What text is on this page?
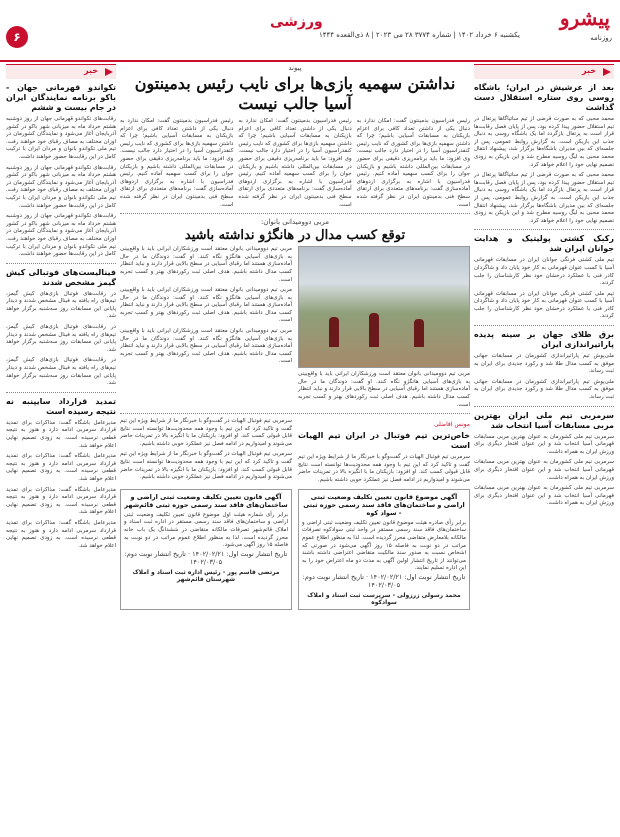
۶
ورزشی	پیشرو
روزنامه
یکشنبه ۶ خرداد ۱۴۰۲ | شماره ۳۷۷۴ ۲۸ می ۲۰۲۳ | ۸ ذی‌القعده ۱۴۴۴
خبر
بعد از عرشیش در ایران؛ باشگاه روسی روی ستاره استقلال دست گذاشت

محمد محبی که به صورت قرضی از تیم ساتیاگاها پرتغال در تیم استقلال حضور پیدا کرده بود، پس از پایان فصل رقابت‌ها قرار است به پرتغال بازگردد اما یک باشگاه روسی به دنبال جذب این بازیکن است. به گزارش روابط عمومی، پس از جلسه‌ای که بین مدیران باشگاه‌ها برگزار شد، پیشنهاد انتقال محمد محبی به لیگ روسیه مطرح شد و این بازیکن به زودی تصمیم نهایی خود را اعلام خواهد کرد.

محمد محبی که به صورت قرضی از تیم ساتیاگاها پرتغال در تیم استقلال حضور پیدا کرده بود، پس از پایان فصل رقابت‌ها قرار است به پرتغال بازگردد اما یک باشگاه روسی به دنبال جذب این بازیکن است. به گزارش روابط عمومی، پس از جلسه‌ای که بین مدیران باشگاه‌ها برگزار شد، پیشنهاد انتقال محمد محبی به لیگ روسیه مطرح شد و این بازیکن به زودی تصمیم نهایی خود را اعلام خواهد کرد.

رکبک کشتی پولیتیک و هدایت جوانان ایران شد

تیم ملی کشتی فرنگی جوانان ایران در مسابقات قهرمانی آسیا با کسب عنوان قهرمانی به کار خود پایان داد و شاگردان کادر فنی با عملکرد درخشان خود نظر کارشناسان را جلب کردند.

تیم ملی کشتی فرنگی جوانان ایران در مسابقات قهرمانی آسیا با کسب عنوان قهرمانی به کار خود پایان داد و شاگردان کادر فنی با عملکرد درخشان خود نظر کارشناسان را جلب کردند.

برق ظلای جهان بر سینه پدیده پاراتیراندازی ایران

ملی‌پوش تیم پاراتیراندازی کشورمان در مسابقات جهانی موفق به کسب مدال طلا شد و رکورد جدیدی برای ایران به ثبت رساند.

ملی‌پوش تیم پاراتیراندازی کشورمان در مسابقات جهانی موفق به کسب مدال طلا شد و رکورد جدیدی برای ایران به ثبت رساند.

سرمربی تیم ملی ایران بهترین مربی مسابقات آسیا انتخاب شد

سرمربی تیم ملی کشورمان به عنوان بهترین مربی مسابقات قهرمانی آسیا انتخاب شد و این عنوان افتخار دیگری برای ورزش ایران به همراه داشت.

سرمربی تیم ملی کشورمان به عنوان بهترین مربی مسابقات قهرمانی آسیا انتخاب شد و این عنوان افتخار دیگری برای ورزش ایران به همراه داشت.

سرمربی تیم ملی کشورمان به عنوان بهترین مربی مسابقات قهرمانی آسیا انتخاب شد و این عنوان افتخار دیگری برای ورزش ایران به همراه داشت.

خبر
تکواندو قهرمانی جهان - باکو برنامه نمایندگان ایران در جام بیست و ششم

رقابت‌های تکواندو قهرمانی جهان از روز دوشنبه هشتم خرداد ماه به میزبانی شهر باکو در کشور آذربایجان آغاز می‌شود و نمایندگان کشورمان در اوزان مختلف به مصاف رقبای خود خواهند رفت. تیم ملی تکواندو بانوان و مردان ایران با ترکیب کامل در این رقابت‌ها حضور خواهند داشت.

رقابت‌های تکواندو قهرمانی جهان از روز دوشنبه هشتم خرداد ماه به میزبانی شهر باکو در کشور آذربایجان آغاز می‌شود و نمایندگان کشورمان در اوزان مختلف به مصاف رقبای خود خواهند رفت. تیم ملی تکواندو بانوان و مردان ایران با ترکیب کامل در این رقابت‌ها حضور خواهند داشت.

رقابت‌های تکواندو قهرمانی جهان از روز دوشنبه هشتم خرداد ماه به میزبانی شهر باکو در کشور آذربایجان آغاز می‌شود و نمایندگان کشورمان در اوزان مختلف به مصاف رقبای خود خواهند رفت. تیم ملی تکواندو بانوان و مردان ایران با ترکیب کامل در این رقابت‌ها حضور خواهند داشت.

فینالیست‌های فوتبالی کیش گیمز مشخص شدند

در رقابت‌های فوتبال بازی‌های کیش گیمز، تیم‌های راه یافته به فینال مشخص شدند و دیدار پایانی این مسابقات روز سه‌شنبه برگزار خواهد شد.

در رقابت‌های فوتبال بازی‌های کیش گیمز، تیم‌های راه یافته به فینال مشخص شدند و دیدار پایانی این مسابقات روز سه‌شنبه برگزار خواهد شد.

در رقابت‌های فوتبال بازی‌های کیش گیمز، تیم‌های راه یافته به فینال مشخص شدند و دیدار پایانی این مسابقات روز سه‌شنبه برگزار خواهد شد.

تمدید قرارداد سایپنبه نه نتیجه رسیده است

مدیرعامل باشگاه گفت: مذاکرات برای تمدید قرارداد سرمربی ادامه دارد و هنوز به نتیجه قطعی نرسیده است. به زودی تصمیم نهایی اعلام خواهد شد.

مدیرعامل باشگاه گفت: مذاکرات برای تمدید قرارداد سرمربی ادامه دارد و هنوز به نتیجه قطعی نرسیده است. به زودی تصمیم نهایی اعلام خواهد شد.

مدیرعامل باشگاه گفت: مذاکرات برای تمدید قرارداد سرمربی ادامه دارد و هنوز به نتیجه قطعی نرسیده است. به زودی تصمیم نهایی اعلام خواهد شد.

مدیرعامل باشگاه گفت: مذاکرات برای تمدید قرارداد سرمربی ادامه دارد و هنوز به نتیجه قطعی نرسیده است. به زودی تصمیم نهایی اعلام خواهد شد.

پیوند
نداشتن سهمیه بازی‌ها برای نایب رئیس بدمینتون آسیا جالب نیست
رئیس فدراسیون بدمینتون گفت: امکان ندارد به دنبال یکی از داشتن تعداد کافی برای اعزام بازیکنان به مسابقات آسیایی باشیم؛ چرا که داشتن سهمیه بازی‌ها برای کشوری که نایب رئیس کنفدراسیون آسیا را در اختیار دارد جالب نیست. وی افزود: ما باید برنامه‌ریزی دقیقی برای حضور در مسابقات بین‌المللی داشته باشیم و بازیکنان جوان را برای کسب سهمیه آماده کنیم. رئیس فدراسیون با اشاره به برگزاری اردوهای آماده‌سازی گفت: برنامه‌های متعددی برای ارتقای سطح فنی بدمینتون ایران در نظر گرفته شده است.
رئیس فدراسیون بدمینتون گفت: امکان ندارد به دنبال یکی از داشتن تعداد کافی برای اعزام بازیکنان به مسابقات آسیایی باشیم؛ چرا که داشتن سهمیه بازی‌ها برای کشوری که نایب رئیس کنفدراسیون آسیا را در اختیار دارد جالب نیست. وی افزود: ما باید برنامه‌ریزی دقیقی برای حضور در مسابقات بین‌المللی داشته باشیم و بازیکنان جوان را برای کسب سهمیه آماده کنیم. رئیس فدراسیون با اشاره به برگزاری اردوهای آماده‌سازی گفت: برنامه‌های متعددی برای ارتقای سطح فنی بدمینتون ایران در نظر گرفته شده است.
رئیس فدراسیون بدمینتون گفت: امکان ندارد به دنبال یکی از داشتن تعداد کافی برای اعزام بازیکنان به مسابقات آسیایی باشیم؛ چرا که داشتن سهمیه بازی‌ها برای کشوری که نایب رئیس کنفدراسیون آسیا را در اختیار دارد جالب نیست. وی افزود: ما باید برنامه‌ریزی دقیقی برای حضور در مسابقات بین‌المللی داشته باشیم و بازیکنان جوان را برای کسب سهمیه آماده کنیم. رئیس فدراسیون با اشاره به برگزاری اردوهای آماده‌سازی گفت: برنامه‌های متعددی برای ارتقای سطح فنی بدمینتون ایران در نظر گرفته شده است.
مربی دوومیدانی بانوان:
توقع کسب مدال در هانگژو نداشته باشید
مربی تیم دوومیدانی بانوان معتقد است ورزشکاران ایرانی باید با واقع‌بینی به بازی‌های آسیایی هانگژو نگاه کنند. او گفت: دوندگان ما در حال آماده‌سازی هستند اما رقبای آسیایی در سطح بالایی قرار دارند و نباید انتظار کسب مدال داشته باشیم. هدف اصلی ثبت رکوردهای بهتر و کسب تجربه است.

مربی تیم دوومیدانی بانوان معتقد است ورزشکاران ایرانی باید با واقع‌بینی به بازی‌های آسیایی هانگژو نگاه کنند. او گفت: دوندگان ما در حال آماده‌سازی هستند اما رقبای آسیایی در سطح بالایی قرار دارند و نباید انتظار کسب مدال داشته باشیم. هدف اصلی ثبت رکوردهای بهتر و کسب تجربه است.

مربی تیم دوومیدانی بانوان معتقد است ورزشکاران ایرانی باید با واقع‌بینی به بازی‌های آسیایی هانگژو نگاه کنند. او گفت: دوندگان ما در حال آماده‌سازی هستند اما رقبای آسیایی در سطح بالایی قرار دارند و نباید انتظار کسب مدال داشته باشیم. هدف اصلی ثبت رکوردهای بهتر و کسب تجربه است.

مربی تیم دوومیدانی بانوان معتقد است ورزشکاران ایرانی باید با واقع‌بینی به بازی‌های آسیایی هانگژو نگاه کنند. او گفت: دوندگان ما در حال آماده‌سازی هستند اما رقبای آسیایی در سطح بالایی قرار دارند و نباید انتظار کسب مدال داشته باشیم. هدف اصلی ثبت رکوردهای بهتر و کسب تجربه است.

مونس افاضلی
خاص‌ترین تیم فوتبال در ایران تیم الهیات است
سرمربی تیم فوتبال الهیات در گفت‌وگو با خبرنگار ما از شرایط ویژه این تیم گفت و تاکید کرد که این تیم با وجود همه محدودیت‌ها توانسته است نتایج قابل قبولی کسب کند. او افزود: بازیکنان ما با انگیزه بالا در تمرینات حاضر می‌شوند و امیدواریم در ادامه فصل نیز عملکرد خوبی داشته باشیم.

سرمربی تیم فوتبال الهیات در گفت‌وگو با خبرنگار ما از شرایط ویژه این تیم گفت و تاکید کرد که این تیم با وجود همه محدودیت‌ها توانسته است نتایج قابل قبولی کسب کند. او افزود: بازیکنان ما با انگیزه بالا در تمرینات حاضر می‌شوند و امیدواریم در ادامه فصل نیز عملکرد خوبی داشته باشیم.

سرمربی تیم فوتبال الهیات در گفت‌وگو با خبرنگار ما از شرایط ویژه این تیم گفت و تاکید کرد که این تیم با وجود همه محدودیت‌ها توانسته است نتایج قابل قبولی کسب کند. او افزود: بازیکنان ما با انگیزه بالا در تمرینات حاضر می‌شوند و امیدواریم در ادامه فصل نیز عملکرد خوبی داشته باشیم.

آگهی موضوع قانون تعیین تکلیف وضعیت ثبتی اراضی و ساختمان‌های فاقد سند رسمی حوزه ثبتی - سواد کوه
برابر رأی صادره هیئت موضوع قانون تعیین تکلیف وضعیت ثبتی اراضی و ساختمان‌های فاقد سند رسمی مستقر در واحد ثبتی سوادکوه تصرفات مالکانه بلامعارض متقاضی محرز گردیده است. لذا به منظور اطلاع عموم مراتب در دو نوبت به فاصله ۱۵ روز آگهی می‌شود در صورتی که اشخاص نسبت به صدور سند مالکیت متقاضی اعتراضی داشته باشند می‌توانند از تاریخ انتشار اولین آگهی به مدت دو ماه اعتراض خود را به این اداره تسلیم نمایند.
تاریخ انتشار نوبت اول: ۱۴۰۲/۰۲/۲۱ · تاریخ انتشار نوبت دوم: ۱۴۰۲/۰۳/۰۵
محمد رسولی زرزولی - سرپرست ثبت اسناد و املاک سوادکوه
آگهی قانون تعیین تکلیف وضعیت ثبتی اراضی و ساختمان‌های فاقد سند رسمی حوزه ثبتی قائم‌شهر
برابر رأی شماره هیئت اول موضوع قانون تعیین تکلیف وضعیت ثبتی اراضی و ساختمان‌های فاقد سند رسمی مستقر در اداره ثبت اسناد و املاک قائم‌شهر تصرفات مالکانه متقاضی در ششدانگ یک باب خانه محرز گردیده است. لذا به منظور اطلاع عموم مراتب در دو نوبت به فاصله ۱۵ روز آگهی می‌شود.
تاریخ انتشار نوبت اول: ۱۴۰۲/۰۲/۲۱ · تاریخ انتشار نوبت دوم: ۱۴۰۲/۰۳/۰۵
مرتضی قاسم پور - رئیس اداره ثبت اسناد و املاک شهرستان قائم‌شهر
